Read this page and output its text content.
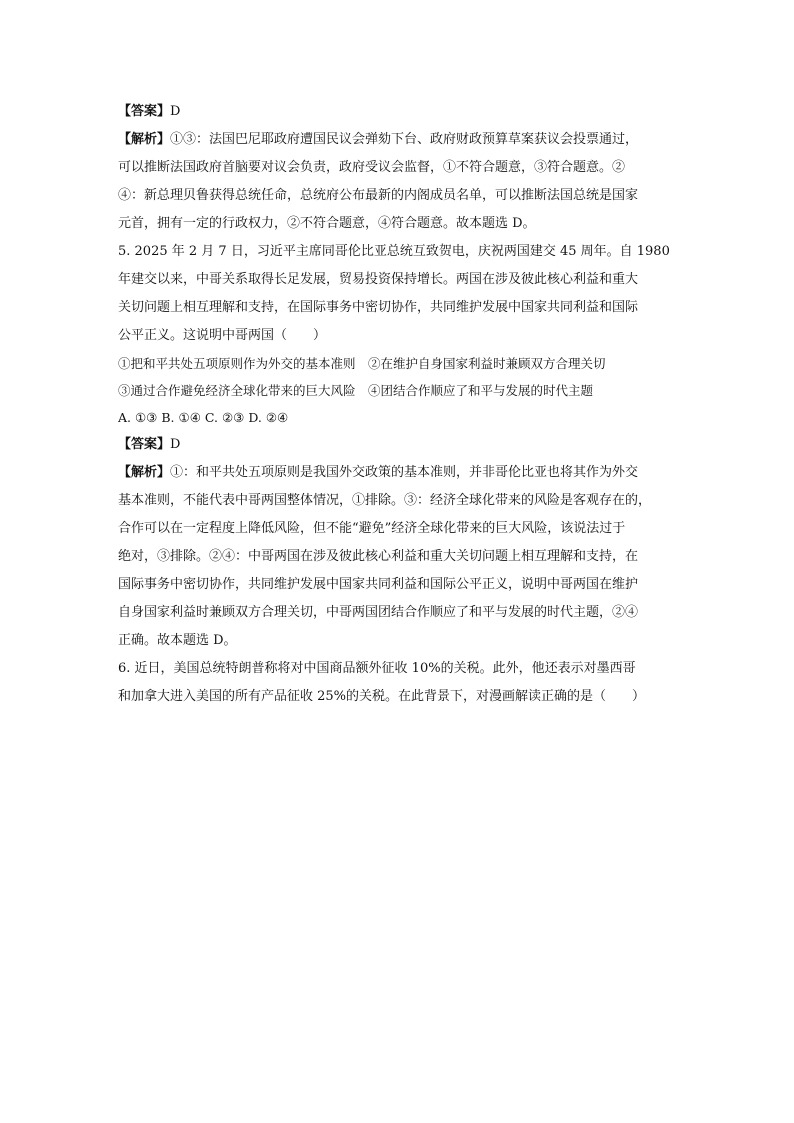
【答案】D
【解析】①③：法国巴尼耶政府遭国民议会弹劾下台、政府财政预算草案获议会投票通过，
可以推断法国政府首脑要对议会负责，政府受议会监督，①不符合题意，③符合题意。②
④：新总理贝鲁获得总统任命，总统府公布最新的内阁成员名单，可以推断法国总统是国家
元首，拥有一定的行政权力，②不符合题意，④符合题意。故本题选 D。
5. 2025 年 2 月 7 日，习近平主席同哥伦比亚总统互致贺电，庆祝两国建交 45 周年。自 1980
年建交以来，中哥关系取得长足发展，贸易投资保持增长。两国在涉及彼此核心利益和重大
关切问题上相互理解和支持，在国际事务中密切协作，共同维护发展中国家共同利益和国际
公平正义。这说明中哥两国（　　）
①把和平共处五项原则作为外交的基本准则　②在维护自身国家利益时兼顾双方合理关切
③通过合作避免经济全球化带来的巨大风险　④团结合作顺应了和平与发展的时代主题
A. ①③ B. ①④ C. ②③ D. ②④
【答案】D
【解析】①：和平共处五项原则是我国外交政策的基本准则，并非哥伦比亚也将其作为外交
基本准则，不能代表中哥两国整体情况，①排除。③：经济全球化带来的风险是客观存在的，
合作可以在一定程度上降低风险，但不能“避免”经济全球化带来的巨大风险，该说法过于
绝对，③排除。②④：中哥两国在涉及彼此核心利益和重大关切问题上相互理解和支持，在
国际事务中密切协作，共同维护发展中国家共同利益和国际公平正义，说明中哥两国在维护
自身国家利益时兼顾双方合理关切，中哥两国团结合作顺应了和平与发展的时代主题，②④
正确。故本题选 D。
6. 近日，美国总统特朗普称将对中国商品额外征收 10%的关税。此外，他还表示对墨西哥
和加拿大进入美国的所有产品征收 25%的关税。在此背景下，对漫画解读正确的是（　　）
